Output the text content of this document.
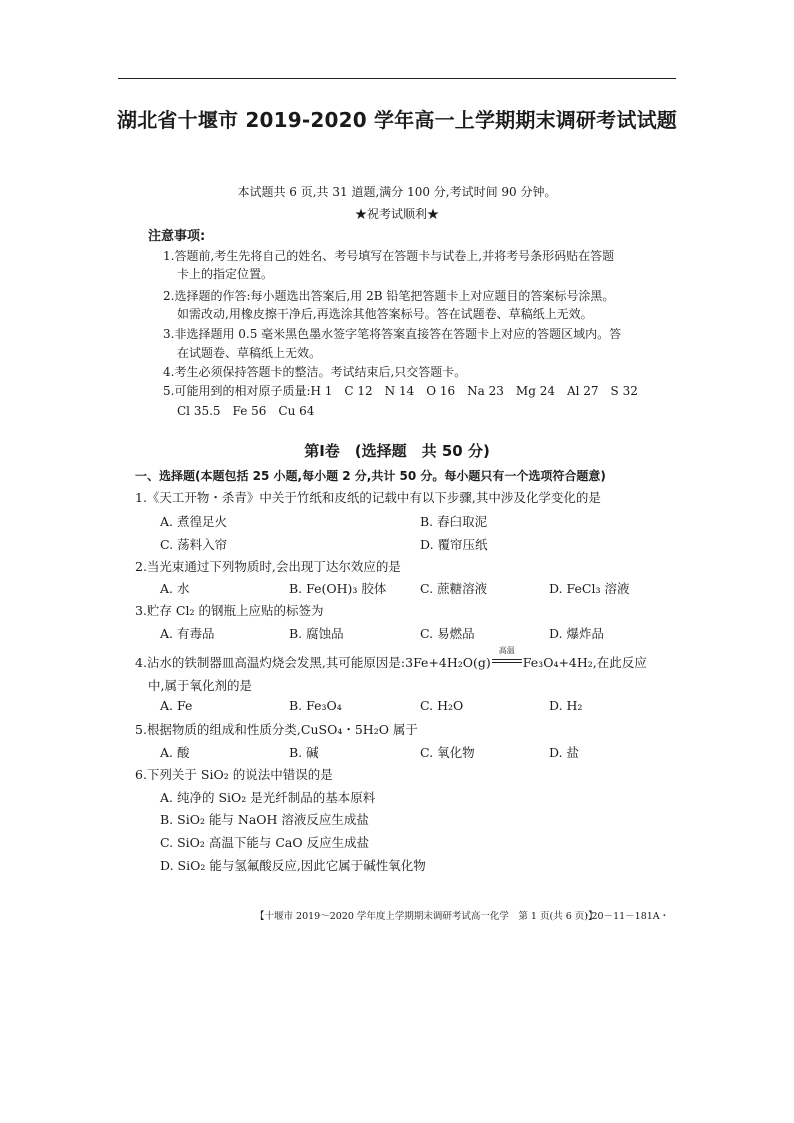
湖北省十堰市 2019-2020 学年高一上学期期末调研考试试题
本试题共 6 页,共 31 道题,满分 100 分,考试时间 90 分钟。
★祝考试顺利★
注意事项:
1.答题前,考生先将自己的姓名、考号填写在答题卡与试卷上,并将考号条形码贴在答题
卡上的指定位置。
2.选择题的作答:每小题选出答案后,用 2B 铅笔把答题卡上对应题目的答案标号涂黑。
如需改动,用橡皮擦干净后,再选涂其他答案标号。答在试题卷、草稿纸上无效。
3.非选择题用 0.5 毫米黑色墨水签字笔将答案直接答在答题卡上对应的答题区域内。答
在试题卷、草稿纸上无效。
4.考生必须保持答题卡的整洁。考试结束后,只交答题卡。
5.可能用到的相对原子质量:H 1　C 12　N 14　O 16　Na 23　Mg 24　Al 27　S 32
Cl 35.5　Fe 56　Cu 64
第Ⅰ卷　(选择题　共 50 分)
一、选择题(本题包括 25 小题,每小题 2 分,共计 50 分。每小题只有一个选项符合题意)
1.《天工开物・杀青》中关于竹纸和皮纸的记载中有以下步骤,其中涉及化学变化的是
A. 煮徨足火	B. 舂臼取泥
C. 荡料入帘	D. 覆帘压纸
2.当光束通过下列物质时,会出现丁达尔效应的是
A. 水	B. Fe(OH)₃ 胶体	C. 蔗糖溶液	D. FeCl₃ 溶液
3.贮存 Cl₂ 的钢瓶上应贴的标签为
A. 有毒品	B. 腐蚀品	C. 易燃品	D. 爆炸品
4.沾水的铁制器皿高温灼烧会发黑,其可能原因是:3Fe+4H₂O(g)
高温
Fe₃O₄+4H₂,在此反应
中,属于氧化剂的是
A. Fe	B. Fe₃O₄	C. H₂O	D. H₂
5.根据物质的组成和性质分类,CuSO₄・5H₂O 属于
A. 酸	B. 碱	C. 氧化物	D. 盐
6.下列关于 SiO₂ 的说法中错误的是
A. 纯净的 SiO₂ 是光纤制品的基本原料
B. SiO₂ 能与 NaOH 溶液反应生成盐
C. SiO₂ 高温下能与 CaO 反应生成盐
D. SiO₂ 能与氢氟酸反应,因此它属于碱性氧化物
【十堰市 2019～2020 学年度上学期期末调研考试高一化学　第 1 页(共 6 页)】
・20－11－181A・
